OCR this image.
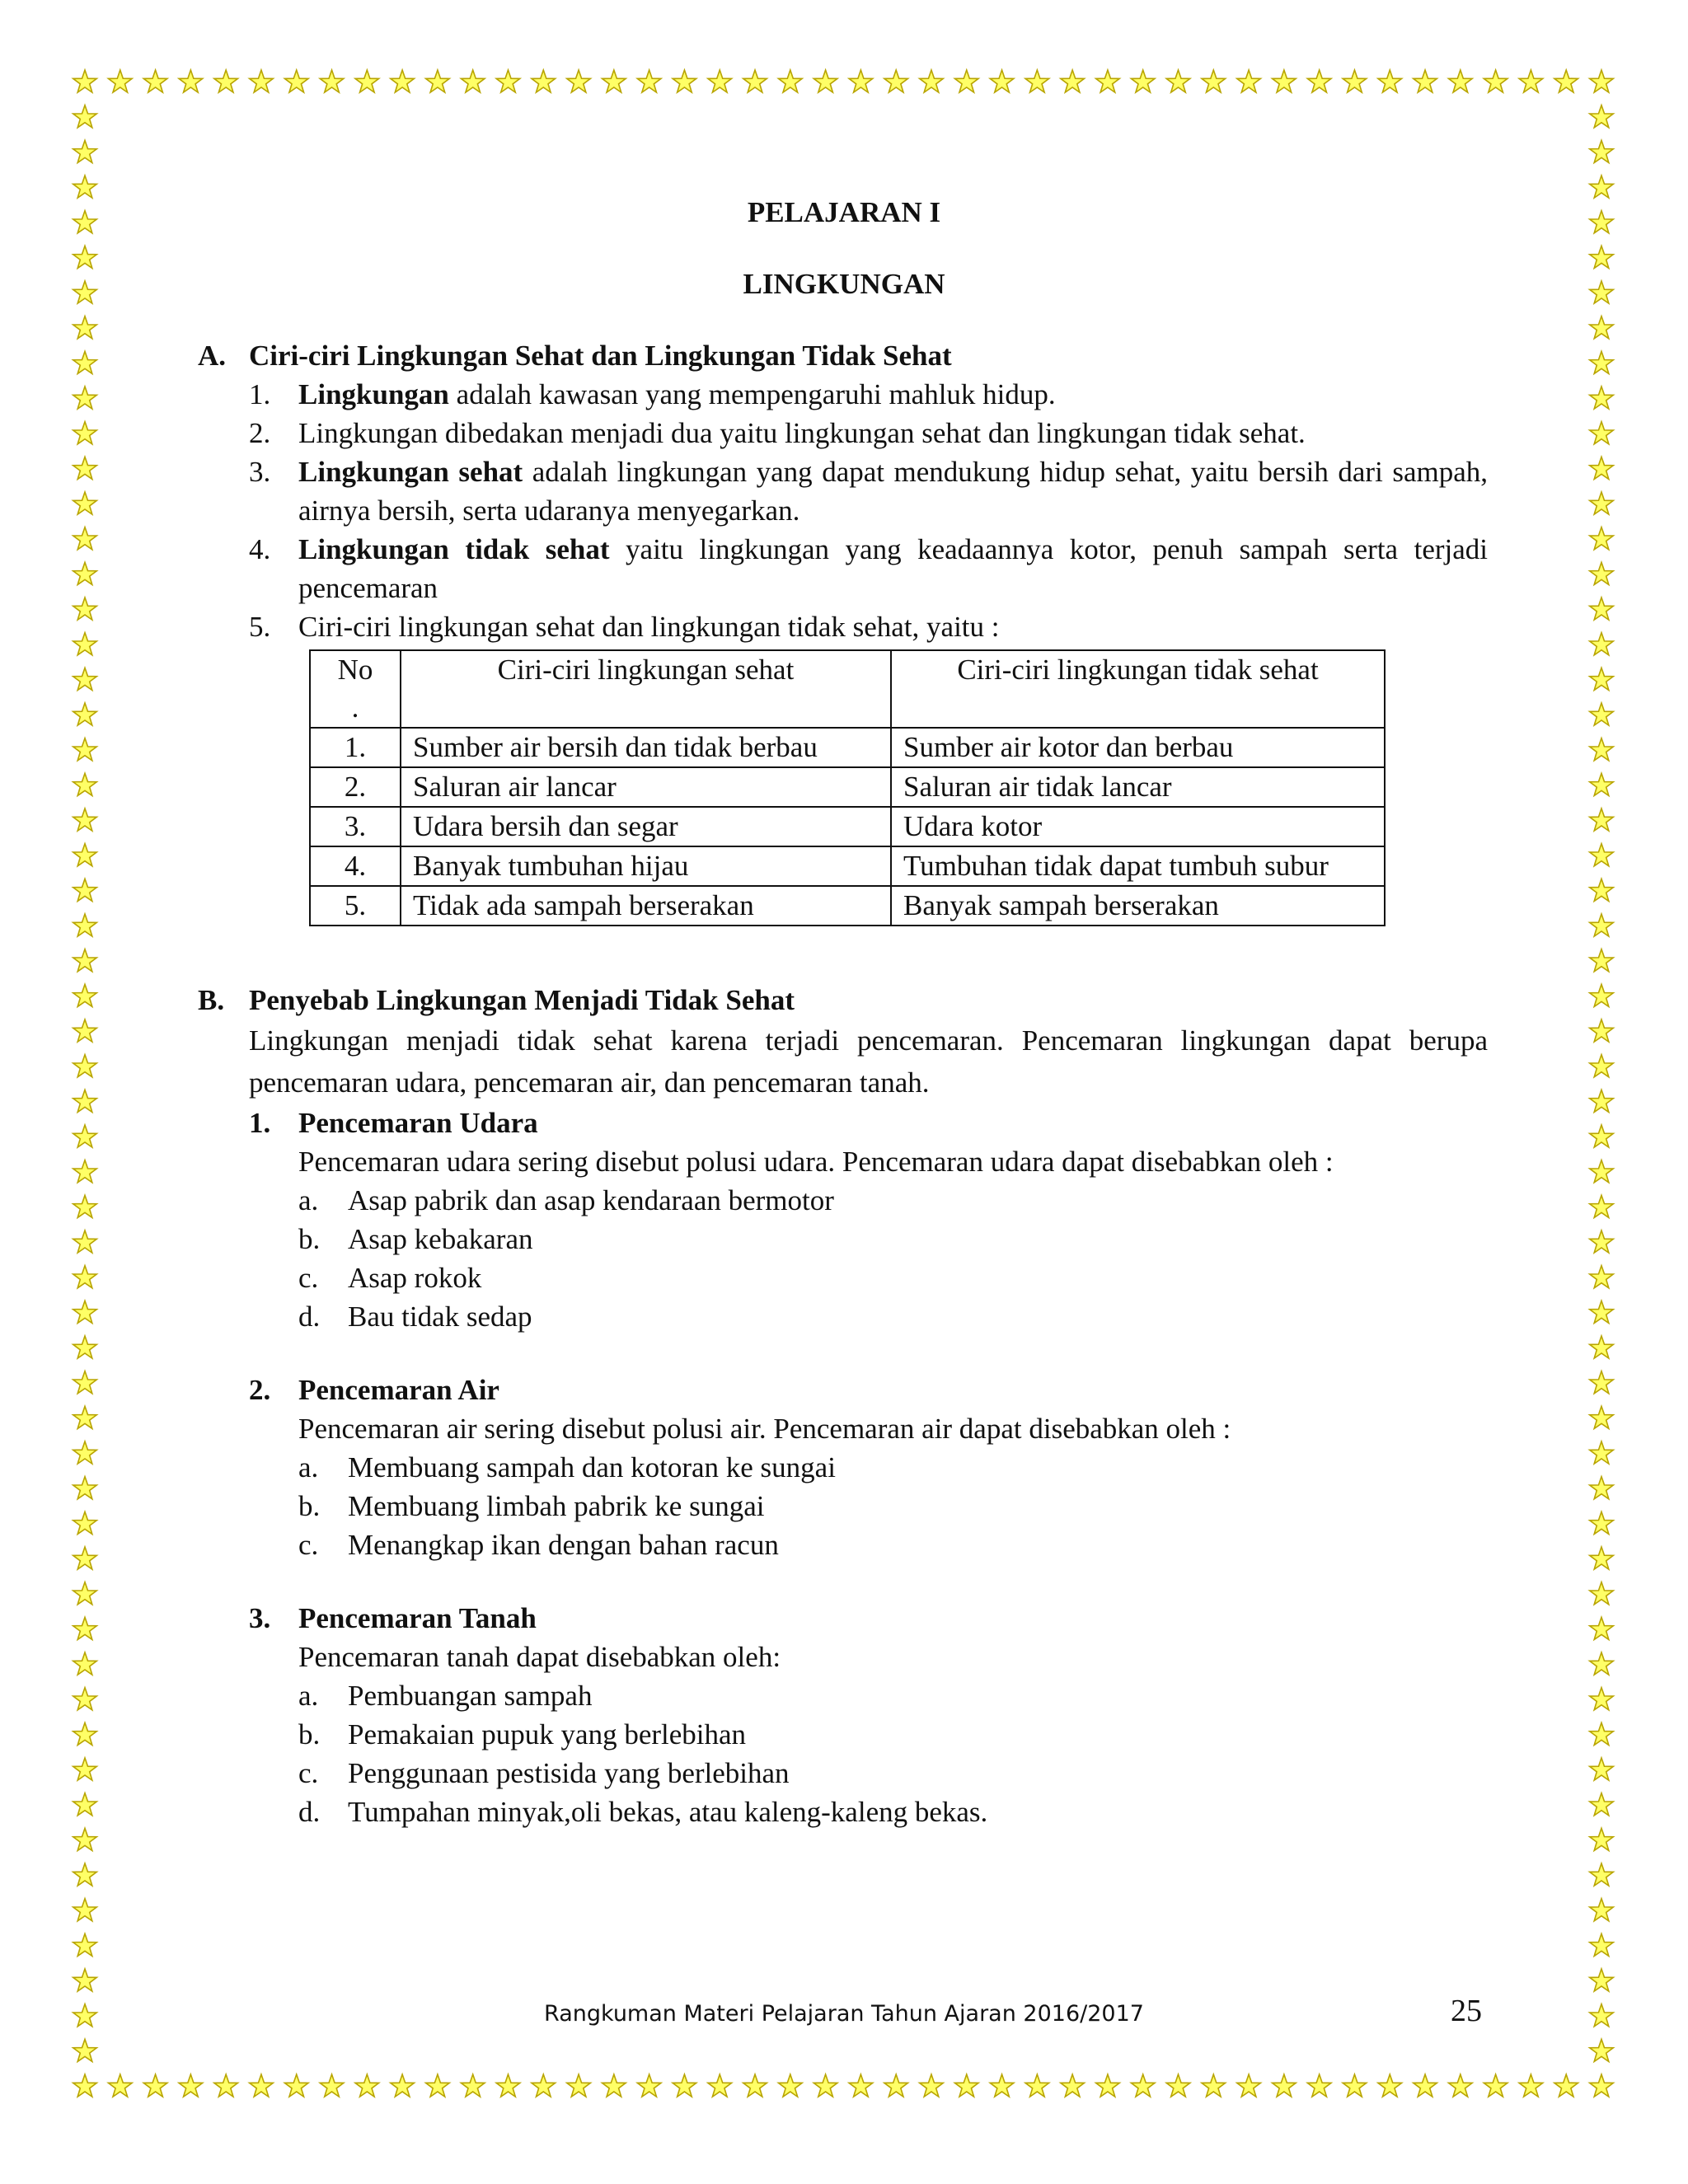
PELAJARAN I
LINGKUNGAN
A. Ciri-ciri Lingkungan Sehat dan Lingkungan Tidak Sehat
1. Lingkungan adalah kawasan yang mempengaruhi mahluk hidup.
2. Lingkungan dibedakan menjadi dua yaitu lingkungan sehat dan lingkungan tidak sehat.
3. Lingkungan sehat adalah lingkungan yang dapat mendukung hidup sehat, yaitu bersih dari sampah, airnya bersih, serta udaranya menyegarkan.
4. Lingkungan tidak sehat yaitu lingkungan yang keadaannya kotor, penuh sampah serta terjadi pencemaran
5. Ciri-ciri lingkungan sehat dan lingkungan tidak sehat, yaitu :
No
.	Ciri-ciri lingkungan sehat	Ciri-ciri lingkungan tidak sehat
1.	Sumber air bersih dan tidak berbau	Sumber air kotor dan berbau
2.	Saluran air lancar	Saluran air tidak lancar
3.	Udara bersih dan segar	Udara kotor
4.	Banyak tumbuhan hijau	Tumbuhan tidak dapat tumbuh subur
5.	Tidak ada sampah berserakan	Banyak sampah berserakan
B. Penyebab Lingkungan Menjadi Tidak Sehat
Lingkungan menjadi tidak sehat karena terjadi pencemaran. Pencemaran lingkungan dapat berupa pencemaran udara, pencemaran air, dan pencemaran tanah.
1. Pencemaran Udara
Pencemaran udara sering disebut polusi udara. Pencemaran udara dapat disebabkan oleh :
a.	Asap pabrik dan asap kendaraan bermotor
b. Asap kebakaran
c.	Asap rokok
d. Bau tidak sedap
2. Pencemaran Air
Pencemaran air sering disebut polusi air. Pencemaran air dapat disebabkan oleh :
a.	Membuang sampah dan kotoran ke sungai
b. Membuang limbah pabrik ke sungai
c.	Menangkap ikan dengan bahan racun
3. Pencemaran Tanah
Pencemaran tanah dapat disebabkan oleh:
a.	Pembuangan sampah
b. Pemakaian pupuk yang berlebihan
c.	Penggunaan pestisida yang berlebihan
d. Tumpahan minyak,oli bekas, atau kaleng-kaleng bekas.
Rangkuman Materi Pelajaran Tahun Ajaran 2016/2017	25
